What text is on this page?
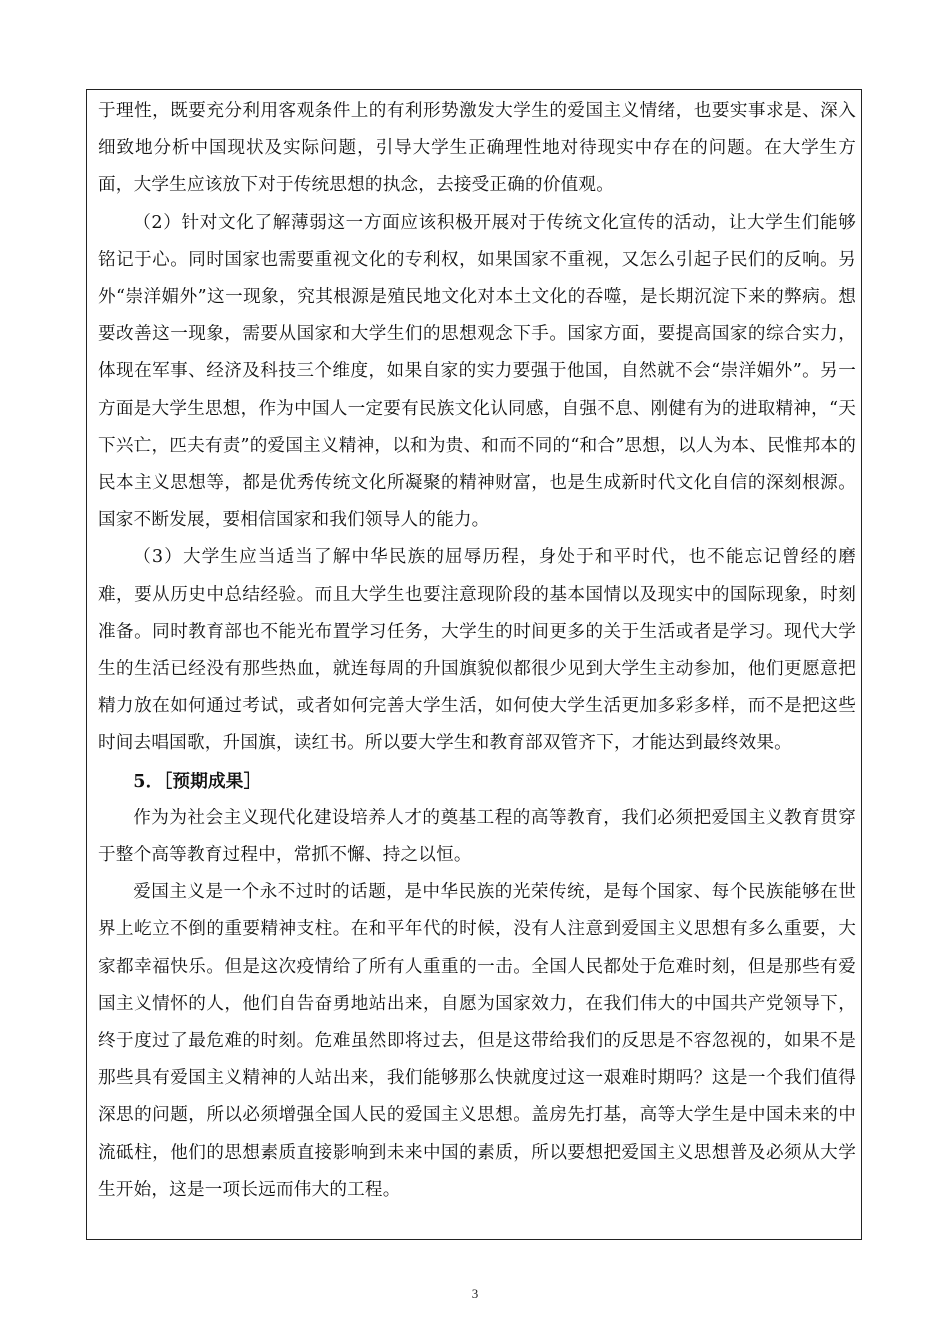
于理性，既要充分利用客观条件上的有利形势激发大学生的爱国主义情绪，也要实事求是、深入细致地分析中国现状及实际问题，引导大学生正确理性地对待现实中存在的问题。在大学生方面，大学生应该放下对于传统思想的执念，去接受正确的价值观。

（2）针对文化了解薄弱这一方面应该积极开展对于传统文化宣传的活动，让大学生们能够铭记于心。同时国家也需要重视文化的专利权，如果国家不重视，又怎么引起子民们的反响。另外“崇洋媚外”这一现象，究其根源是殖民地文化对本土文化的吞噬，是长期沉淀下来的弊病。想要改善这一现象，需要从国家和大学生们的思想观念下手。国家方面，要提高国家的综合实力，体现在军事、经济及科技三个维度，如果自家的实力要强于他国，自然就不会“崇洋媚外”。另一方面是大学生思想，作为中国人一定要有民族文化认同感，自强不息、刚健有为的进取精神，“天下兴亡，匹夫有责”的爱国主义精神，以和为贵、和而不同的“和合”思想，以人为本、民惟邦本的民本主义思想等，都是优秀传统文化所凝聚的精神财富，也是生成新时代文化自信的深刻根源。国家不断发展，要相信国家和我们领导人的能力。

（3）大学生应当适当了解中华民族的屈辱历程，身处于和平时代，也不能忘记曾经的磨难，要从历史中总结经验。而且大学生也要注意现阶段的基本国情以及现实中的国际现象，时刻准备。同时教育部也不能光布置学习任务，大学生的时间更多的关于生活或者是学习。现代大学生的生活已经没有那些热血，就连每周的升国旗貌似都很少见到大学生主动参加，他们更愿意把精力放在如何通过考试，或者如何完善大学生活，如何使大学生活更加多彩多样，而不是把这些时间去唱国歌，升国旗，读红书。所以要大学生和教育部双管齐下，才能达到最终效果。

5．［预期成果］

作为为社会主义现代化建设培养人才的奠基工程的高等教育，我们必须把爱国主义教育贯穿于整个高等教育过程中，常抓不懈、持之以恒。

爱国主义是一个永不过时的话题，是中华民族的光荣传统，是每个国家、每个民族能够在世界上屹立不倒的重要精神支柱。在和平年代的时候，没有人注意到爱国主义思想有多么重要，大家都幸福快乐。但是这次疫情给了所有人重重的一击。全国人民都处于危难时刻，但是那些有爱国主义情怀的人，他们自告奋勇地站出来，自愿为国家效力，在我们伟大的中国共产党领导下，终于度过了最危难的时刻。危难虽然即将过去，但是这带给我们的反思是不容忽视的，如果不是那些具有爱国主义精神的人站出来，我们能够那么快就度过这一艰难时期吗？这是一个我们值得深思的问题，所以必须增强全国人民的爱国主义思想。盖房先打基，高等大学生是中国未来的中流砥柱，他们的思想素质直接影响到未来中国的素质，所以要想把爱国主义思想普及必须从大学生开始，这是一项长远而伟大的工程。

3
